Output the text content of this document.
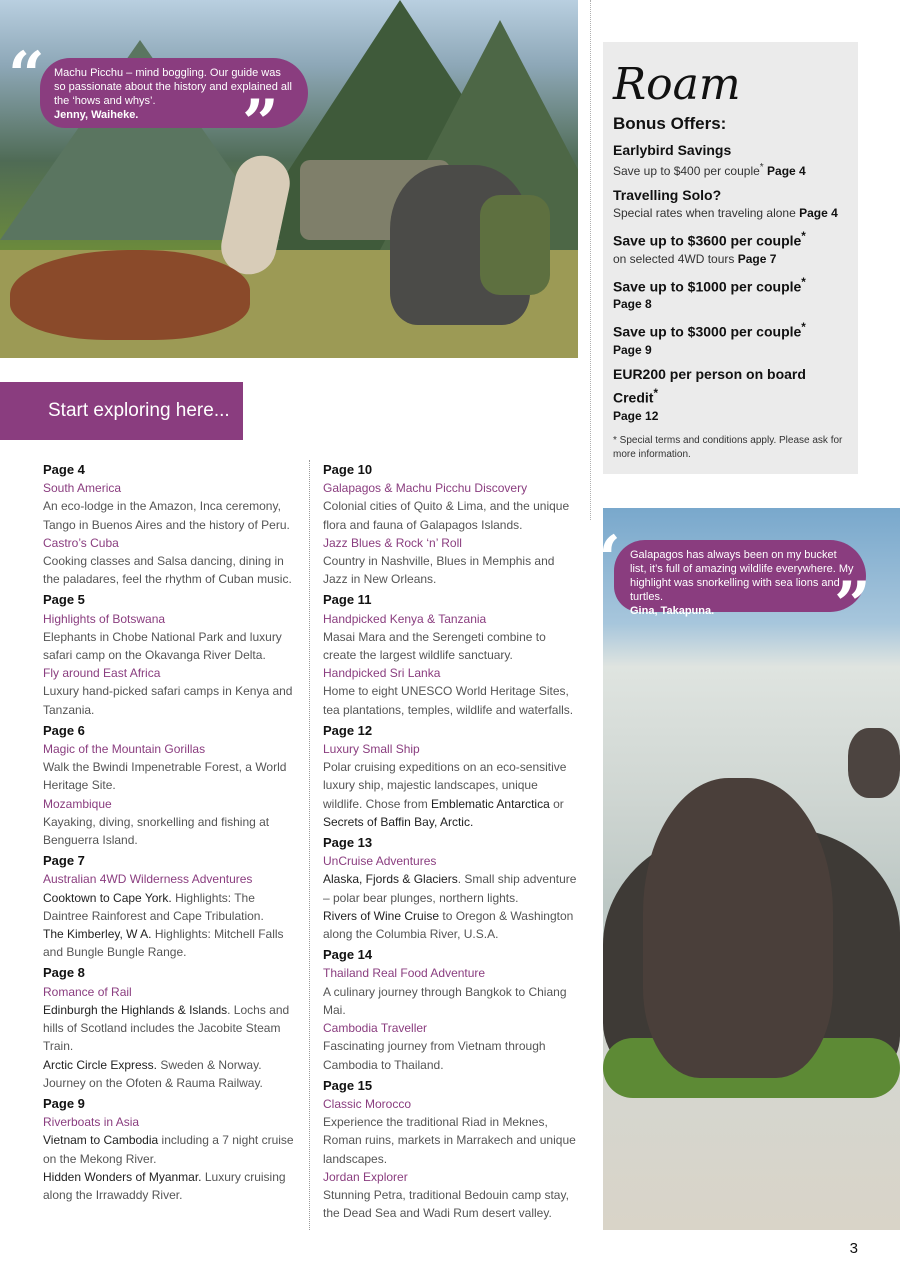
Machu Picchu – mind boggling. Our guide was so passionate about the history and explained all the ‘hows and whys’.
Jenny, Waiheke.
“
”
Start exploring here...
Page 4
South America
An eco-lodge in the Amazon, Inca ceremony, Tango in Buenos Aires and the history of Peru.
Castro’s Cuba
Cooking classes and Salsa dancing, dining in the paladares, feel the rhythm of Cuban music.
Page 5
Highlights of Botswana
Elephants in Chobe National Park and luxury safari camp on the Okavanga River Delta.
Fly around East Africa
Luxury hand-picked safari camps in Kenya and Tanzania.
Page 6
Magic of the Mountain Gorillas
Walk the Bwindi Impenetrable Forest, a World Heritage Site.
Mozambique
Kayaking, diving, snorkelling and fishing at Benguerra Island.
Page 7
Australian 4WD Wilderness Adventures
Cooktown to Cape York. Highlights: The Daintree Rainforest and Cape Tribulation.
The Kimberley, W A. Highlights: Mitchell Falls and Bungle Bungle Range.
Page 8
Romance of Rail
Edinburgh the Highlands & Islands. Lochs and hills of Scotland includes the Jacobite Steam Train.
Arctic Circle Express. Sweden & Norway. Journey on the Ofoten & Rauma Railway.
Page 9
Riverboats in Asia
Vietnam to Cambodia including a 7 night cruise on the Mekong River.
Hidden Wonders of Myanmar. Luxury cruising along the Irrawaddy River.
Page 10
Galapagos & Machu Picchu Discovery
Colonial cities of Quito & Lima, and the unique flora and fauna of Galapagos Islands.
Jazz Blues & Rock ‘n’ Roll
Country in Nashville, Blues in Memphis and Jazz in New Orleans.
Page 11
Handpicked Kenya & Tanzania
Masai Mara and the Serengeti combine to create the largest wildlife sanctuary.
Handpicked Sri Lanka
Home to eight UNESCO World Heritage Sites, tea plantations, temples, wildlife and waterfalls.
Page 12
Luxury Small Ship
Polar cruising expeditions on an eco-sensitive luxury ship, majestic landscapes, unique wildlife. Chose from Emblematic Antarctica or Secrets of Baffin Bay, Arctic.
Page 13
UnCruise Adventures
Alaska, Fjords & Glaciers. Small ship adventure – polar bear plunges, northern lights.
Rivers of Wine Cruise to Oregon & Washington along the Columbia River, U.S.A.
Page 14
Thailand Real Food Adventure
A culinary journey through Bangkok to Chiang Mai.
Cambodia Traveller
Fascinating journey from Vietnam through Cambodia to Thailand.
Page 15
Classic Morocco
Experience the traditional Riad in Meknes, Roman ruins, markets in Marrakech and unique landscapes.
Jordan Explorer
Stunning Petra, traditional Bedouin camp stay, the Dead Sea and Wadi Rum desert valley.
Roam Bonus Offers:
Earlybird Savings
Save up to $400 per couple* Page 4
Travelling Solo?
Special rates when traveling alone Page 4
Save up to $3600 per couple*
on selected 4WD tours Page 7
Save up to $1000 per couple*
Page 8
Save up to $3000 per couple*
Page 9
EUR200 per person on board Credit*
Page 12
* Special terms and conditions apply. Please ask for more information.
Galapagos has always been on my bucket list, it’s full of amazing wildlife everywhere. My highlight was snorkelling with sea lions and turtles.
Gina, Takapuna.
“
”
3
